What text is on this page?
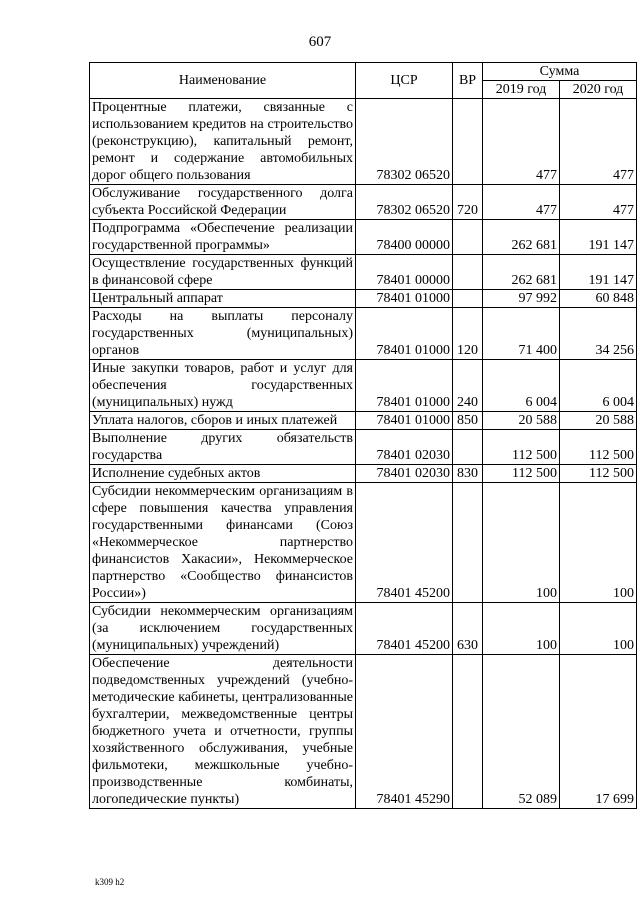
607
Наименование	ЦСР	ВР	Сумма	
			2019 год	2020 год
Процентные платежи, связанные с использованием кредитов на строительство (реконструкцию), капитальный ремонт, ремонт и содержание автомобильных дорог общего пользования	78302 06520		477	477
Обслуживание государственного долга субъекта Российской Федерации	78302 06520	720	477	477
Подпрограмма «Обеспечение реализации государственной программы»	78400 00000		262 681	191 147
Осуществление государственных функций в финансовой сфере	78401 00000		262 681	191 147
Центральный аппарат	78401 01000		97 992	60 848
Расходы на выплаты персоналу государственных (муниципальных) органов	78401 01000	120	71 400	34 256
Иные закупки товаров, работ и услуг для обеспечения государственных (муниципальных) нужд	78401 01000	240	6 004	6 004
Уплата налогов, сборов и иных платежей	78401 01000	850	20 588	20 588
Выполнение других обязательств государства	78401 02030		112 500	112 500
Исполнение судебных актов	78401 02030	830	112 500	112 500
Субсидии некоммерческим организациям в сфере повышения качества управления государственными финансами (Союз «Некоммерческое партнерство финансистов Хакасии», Некоммерческое партнерство «Сообщество финансистов России»)	78401 45200		100	100
Субсидии некоммерческим организациям (за исключением государственных (муниципальных) учреждений)	78401 45200	630	100	100
Обеспечение деятельности подведомственных учреждений (учебно-методические кабинеты, централизованные бухгалтерии, межведомственные центры бюджетного учета и отчетности, группы хозяйственного обслуживания, учебные фильмотеки, межшкольные учебно-производственные комбинаты, логопедические пункты)	78401 45290		52 089	17 699
k309 h2
